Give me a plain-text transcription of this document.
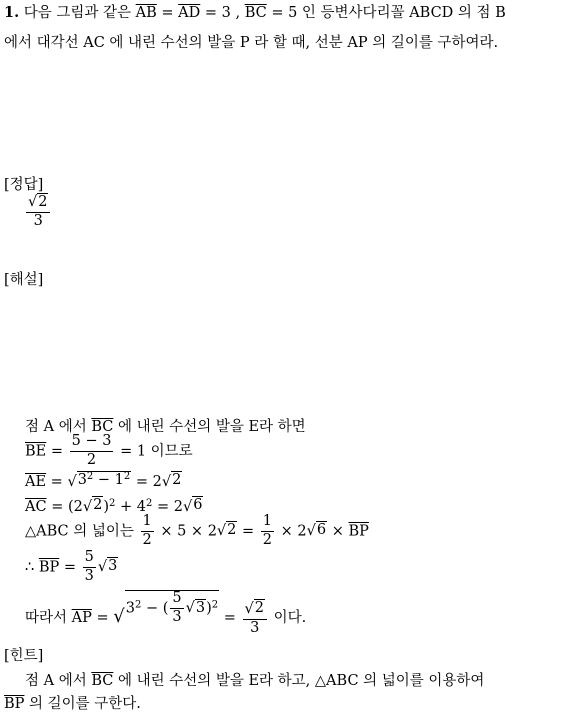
1. 다음 그림과 같은 $\overline{AB} = \overline{AD} = 3$ , $\overline{BC} = 5$ 인 등변사다리꼴 ABCD 의 점 B
에서 대각선 AC 에 내린 수선의 발을 P 라 할 때, 선분 AP 의 길이를 구하여라.
[정답]
$\frac{√ 2}{3}$
[해설]
점 A 에서 $\overline{BC}$ 에 내린 수선의 발을 E라 하면
$\overline{BE} = \frac{5 - 3}{2} = 1$ 이므로
$\overline{AE}$ = √ $3^2 - 1^2 = 2√$ 2
$\overline{AC} = (2√$ 2 )$^2 + 4^2 = 2√$ 6
△ABC 의 넓이는 $\frac{1}{2} \times 5 \times 2√$ $2 = \frac{1}{2} \times 2√$ $6 \times \overline{BP}$
∴ $\overline{BP} = \frac{5}{3}$ √ 3
따라서 $\overline{AP}$ = √ $3^2$ − ( $\frac{5}{3}$ √ 3 )$^2$
= $\frac{√ 2}{3}$ 이다.
[힌트]
점 A 에서 $\overline{BC}$ 에 내린 수선의 발을 E라 하고, △ABC 의 넓이를 이용하여
$\overline{BP}$ 의 길이를 구한다.
